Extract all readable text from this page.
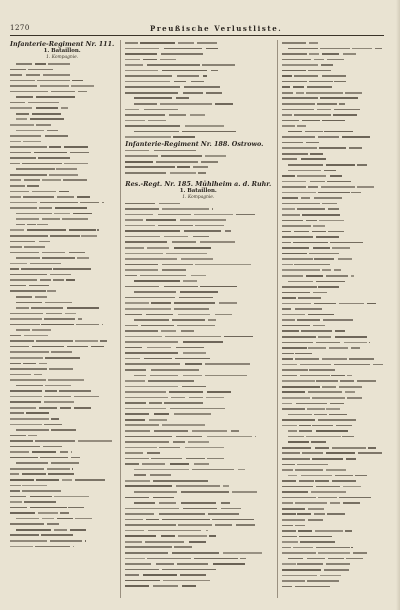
1270	Preußische Verlustliste.
Infanterie-Regiment Nr. 111.
1. Bataillon.
1. Kompagnie.
Infanterie-Regiment Nr. 188. Ostrowo.
Res.-Regt. Nr. 185. Mühlheim a. d. Ruhr.
1. Bataillon.
1. Kompagnie.
